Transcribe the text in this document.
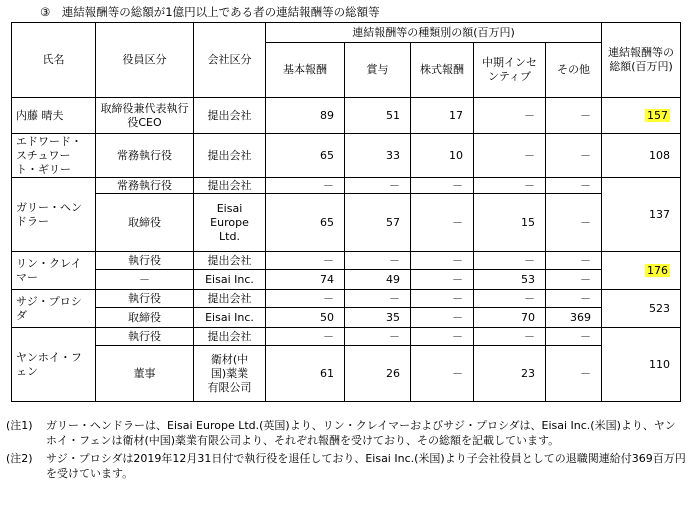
③　連結報酬等の総額が1億円以上である者の連結報酬等の総額等
氏名	役員区分	会社区分	連結報酬等の種類別の額(百万円)					連結報酬等の総額(百万円)
			基本報酬	賞与	株式報酬	中期インセンティブ	その他	
内藤 晴夫	取締役兼代表執行役CEO	提出会社	89	51	17	－	－	157
エドワード・スチュワート・ギリー	常務執行役	提出会社	65	33	10	－	－	108
ガリー・ヘンドラー	常務執行役	提出会社	－	－	－	－	－	137
	取締役	Eisai Europe Ltd.	65	57	－	15	－	
リン・クレイマー	執行役	提出会社	－	－	－	－	－	176
	－	Eisai Inc.	74	49	－	53	－	
サジ・プロシダ	執行役	提出会社	－	－	－	－	－	523
	取締役	Eisai Inc.	50	35	－	70	369	
ヤンホイ・フェン	執行役	提出会社	－	－	－	－	－	110
	董事	衛材(中国)薬業有限公司	61	26	－	23	－	
(注1)	ガリー・ヘンドラーは、Eisai Europe Ltd.(英国)より、リン・クレイマーおよびサジ・プロシダは、Eisai Inc.(米国)より、ヤンホイ・フェンは衛材(中国)薬業有限公司より、それぞれ報酬を受けており、その総額を記載しています。
(注2)	サジ・プロシダは2019年12月31日付で執行役を退任しており、Eisai Inc.(米国)より子会社役員としての退職関連給付369百万円を受けています。
